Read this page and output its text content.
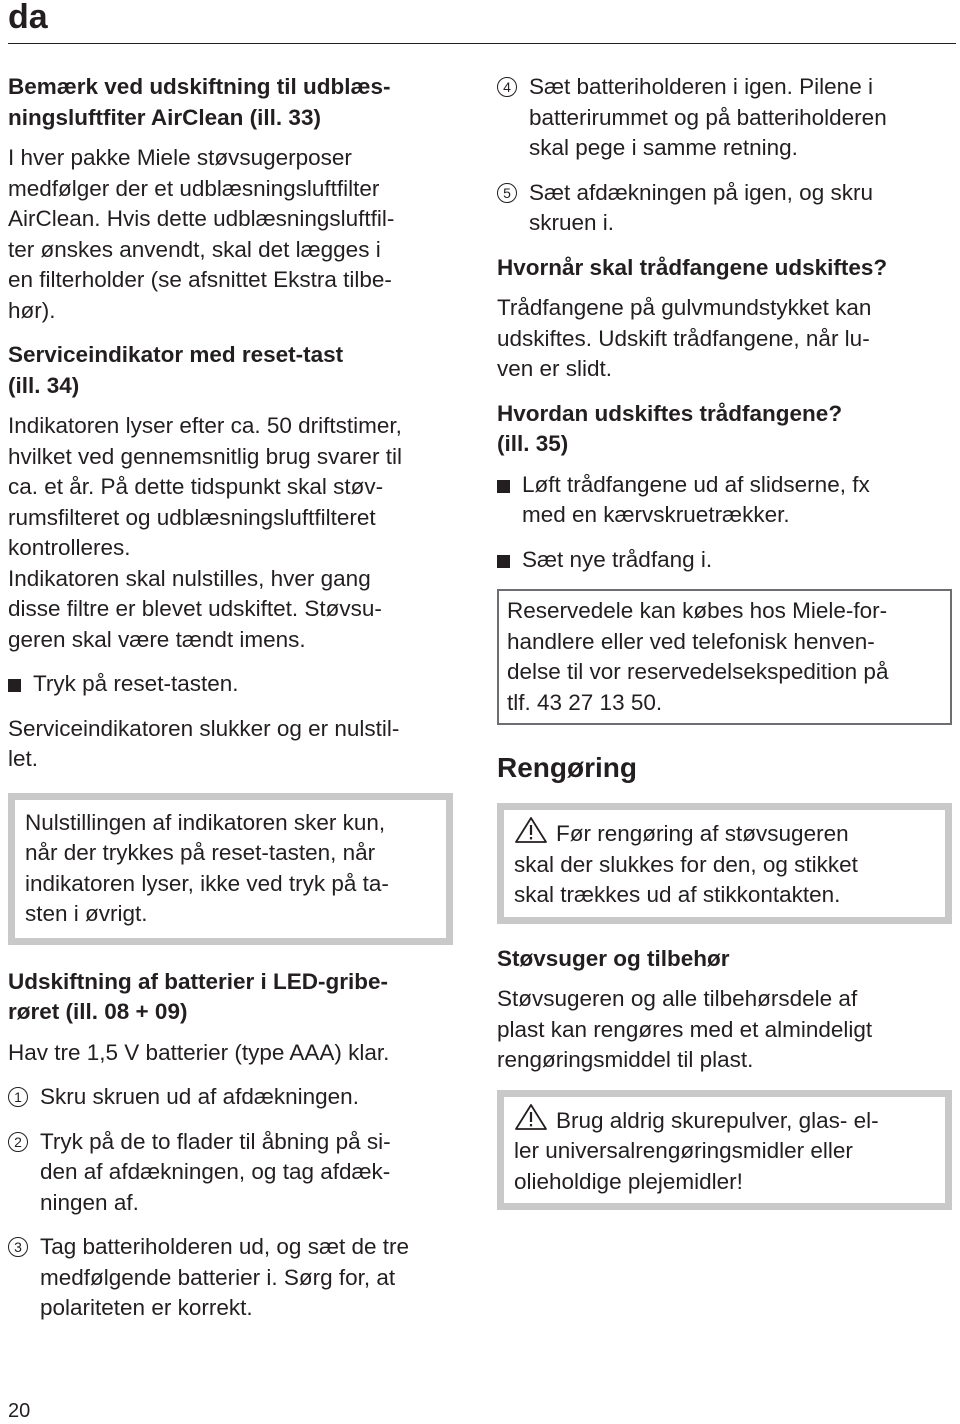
da

Bemærk ved udskiftning til udblæs-
ningsluftfiter AirClean (ill. 33)

I hver pakke Miele støvsugerposer
medfølger der et udblæsningsluftfilter
AirClean. Hvis dette udblæsningsluftfil-
ter ønskes anvendt, skal det lægges i
en filterholder (se afsnittet Ekstra tilbe-
hør).

Serviceindikator med reset-tast
(ill. 34)

Indikatoren lyser efter ca. 50 driftstimer,
hvilket ved gennemsnitlig brug svarer til
ca. et år. På dette tidspunkt skal støv-
rumsfilteret og udblæsningsluftfilteret
kontrolleres.
Indikatoren skal nulstilles, hver gang
disse filtre er blevet udskiftet. Støvsu-
geren skal være tændt imens.

Tryk på reset-tasten.

Serviceindikatoren slukker og er nulstil-
let.

Nulstillingen af indikatoren sker kun,
når der trykkes på reset-tasten, når
indikatoren lyser, ikke ved tryk på ta-
sten i øvrigt.

Udskiftning af batterier i LED-gribe-
røret (ill. 08 + 09)

Hav tre 1,5 V batterier (type AAA) klar.

1 Skru skruen ud af afdækningen.
2 Tryk på de to flader til åbning på si-
den af afdækningen, og tag afdæk-
ningen af.
3 Tag batteriholderen ud, og sæt de tre
medfølgende batterier i. Sørg for, at
polariteten er korrekt.
4 Sæt batteriholderen i igen. Pilene i
batterirummet og på batteriholderen
skal pege i samme retning.
5 Sæt afdækningen på igen, og skru
skruen i.

Hvornår skal trådfangene udskiftes?

Trådfangene på gulvmundstykket kan
udskiftes. Udskift trådfangene, når lu-
ven er slidt.

Hvordan udskiftes trådfangene?
(ill. 35)

Løft trådfangene ud af slidserne, fx
med en kærvskruetrækker.
Sæt nye trådfang i.
Reservedele kan købes hos Miele-for-
handlere eller ved telefonisk henven-
delse til vor reservedelsekspedition på
tlf. 43 27 13 50.

Rengøring

Før rengøring af støvsugeren
skal der slukkes for den, og stikket
skal trækkes ud af stikkontakten.

Støvsuger og tilbehør

Støvsugeren og alle tilbehørsdele af
plast kan rengøres med et almindeligt
rengøringsmiddel til plast.

Brug aldrig skurepulver, glas- el-
ler universalrengøringsmidler eller
olieholdige plejemidler!
20
